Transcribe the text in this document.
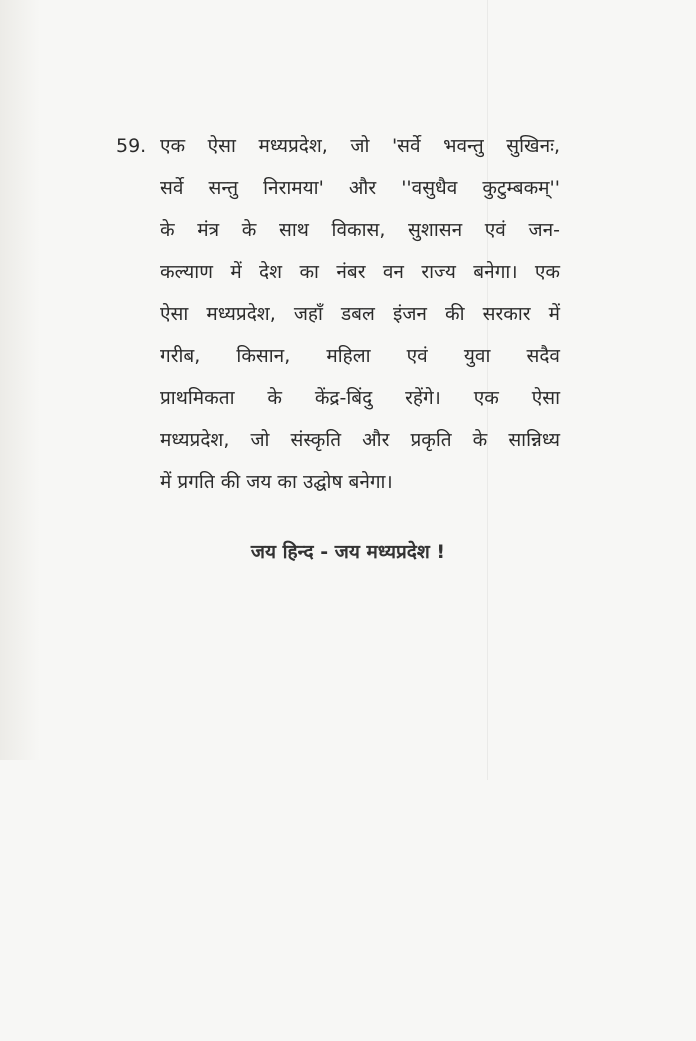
59. एक ऐसा मध्यप्रदेश, जो 'सर्वे भवन्तु सुखिनः,
सर्वे सन्तु निरामया' और ''वसुधैव कुटुम्बकम्''
के मंत्र के साथ विकास, सुशासन एवं जन-
कल्याण में देश का नंबर वन राज्य बनेगा। एक
ऐसा मध्यप्रदेश, जहाँ डबल इंजन की सरकार में
गरीब, किसान, महिला एवं युवा सदैव
प्राथमिकता के केंद्र-बिंदु रहेंगे। एक ऐसा
मध्यप्रदेश, जो संस्कृति और प्रकृति के सान्निध्य
में प्रगति की जय का उद्घोष बनेगा।
जय हिन्द - जय मध्यप्रदेश !
